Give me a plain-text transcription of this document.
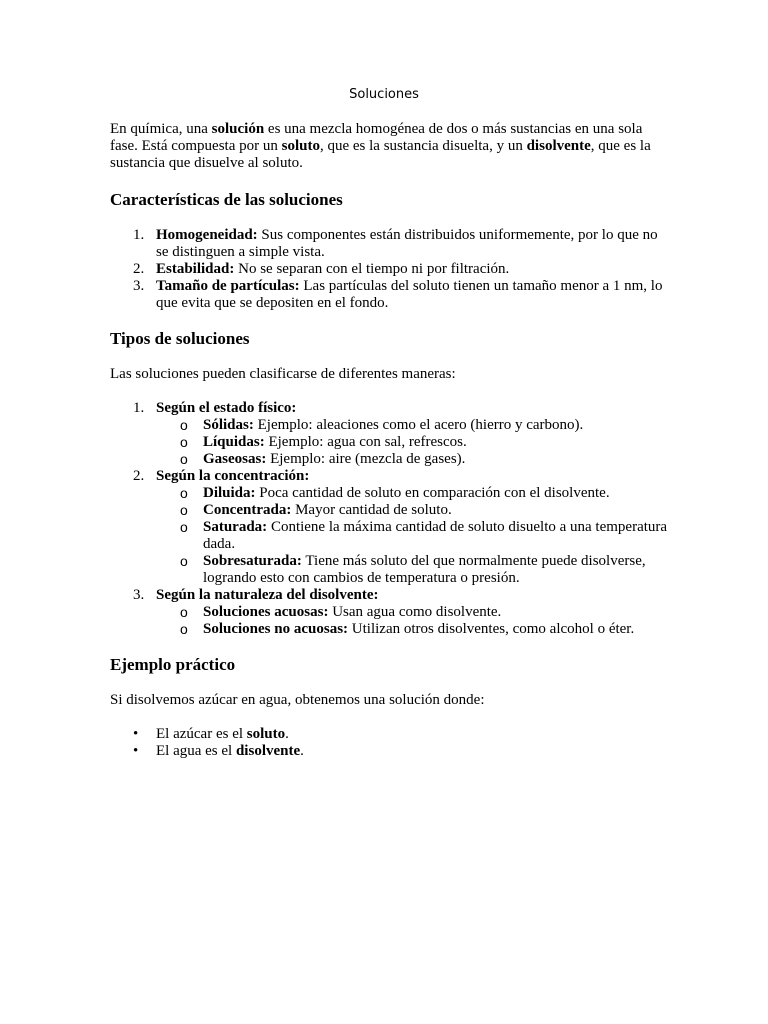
Soluciones

En química, una solución es una mezcla homogénea de dos o más sustancias en una sola fase. Está compuesta por un soluto, que es la sustancia disuelta, y un disolvente, que es la sustancia que disuelve al soluto.

Características de las soluciones
1. Homogeneidad: Sus componentes están distribuidos uniformemente, por lo que no se distinguen a simple vista.
2. Estabilidad: No se separan con el tiempo ni por filtración.
3. Tamaño de partículas: Las partículas del soluto tienen un tamaño menor a 1 nm, lo que evita que se depositen en el fondo.
Tipos de soluciones

Las soluciones pueden clasificarse de diferentes maneras:

1. Según el estado físico:
o Sólidas: Ejemplo: aleaciones como el acero (hierro y carbono).
o Líquidas: Ejemplo: agua con sal, refrescos.
o Gaseosas: Ejemplo: aire (mezcla de gases).
2. Según la concentración:
o Diluida: Poca cantidad de soluto en comparación con el disolvente.
o Concentrada: Mayor cantidad de soluto.
o Saturada: Contiene la máxima cantidad de soluto disuelto a una temperatura dada.
o Sobresaturada: Tiene más soluto del que normalmente puede disolverse, logrando esto con cambios de temperatura o presión.
3. Según la naturaleza del disolvente:
o Soluciones acuosas: Usan agua como disolvente.
o Soluciones no acuosas: Utilizan otros disolventes, como alcohol o éter.
Ejemplo práctico

Si disolvemos azúcar en agua, obtenemos una solución donde:

• El azúcar es el soluto.
• El agua es el disolvente.
